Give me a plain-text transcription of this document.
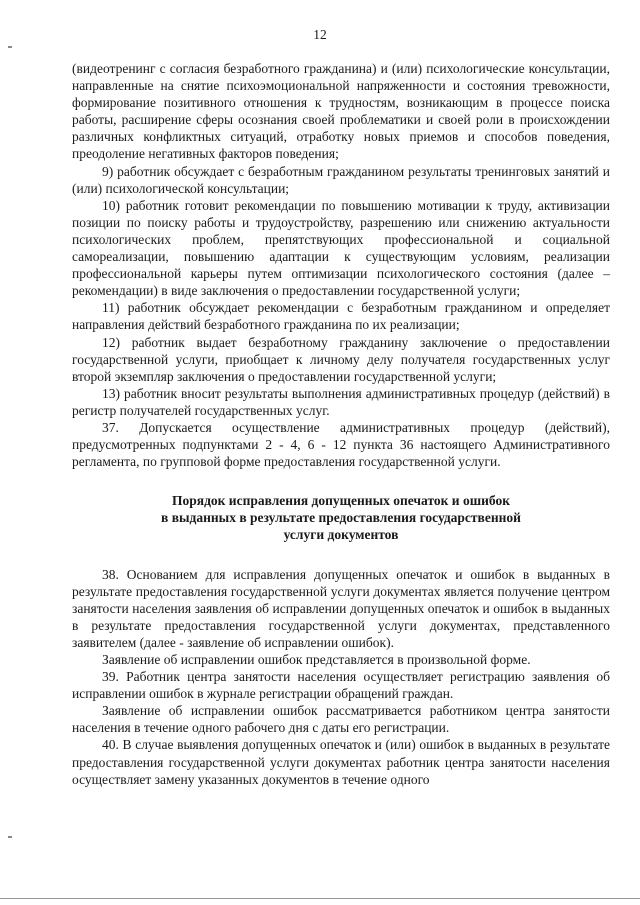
12

(видеотренинг с согласия безработного гражданина) и (или) психологические консультации, направленные на снятие психоэмоциональной напряженности и состояния тревожности, формирование позитивного отношения к трудностям, возникающим в процессе поиска работы, расширение сферы осознания своей проблематики и своей роли в происхождении различных конфликтных ситуаций, отработку новых приемов и способов поведения, преодоление негативных факторов поведения;

9) работник обсуждает с безработным гражданином результаты тренинговых занятий и (или) психологической консультации;

10) работник готовит рекомендации по повышению мотивации к труду, активизации позиции по поиску работы и трудоустройству, разрешению или снижению актуальности психологических проблем, препятствующих профессиональной и социальной самореализации, повышению адаптации к существующим условиям, реализации профессиональной карьеры путем оптимизации психологического состояния (далее – рекомендации) в виде заключения о предоставлении государственной услуги;

11) работник обсуждает рекомендации с безработным гражданином и определяет направления действий безработного гражданина по их реализации;

12) работник выдает безработному гражданину заключение о предоставлении государственной услуги, приобщает к личному делу получателя государственных услуг второй экземпляр заключения о предоставлении государственной услуги;

13) работник вносит результаты выполнения административных процедур (действий) в регистр получателей государственных услуг.

37. Допускается осуществление административных процедур (действий), предусмотренных подпунктами 2 - 4, 6 - 12 пункта 36 настоящего Административного регламента, по групповой форме предоставления государственной услуги.

Порядок исправления допущенных опечаток и ошибок
в выданных в результате предоставления государственной
услуги документов

38. Основанием для исправления допущенных опечаток и ошибок в выданных в результате предоставления государственной услуги документах является получение центром занятости населения заявления об исправлении допущенных опечаток и ошибок в выданных в результате предоставления государственной услуги документах, представленного заявителем (далее - заявление об исправлении ошибок).

Заявление об исправлении ошибок представляется в произвольной форме.

39. Работник центра занятости населения осуществляет регистрацию заявления об исправлении ошибок в журнале регистрации обращений граждан.

Заявление об исправлении ошибок рассматривается работником центра занятости населения в течение одного рабочего дня с даты его регистрации.

40. В случае выявления допущенных опечаток и (или) ошибок в выданных в результате предоставления государственной услуги документах работник центра занятости населения осуществляет замену указанных документов в течение одного
